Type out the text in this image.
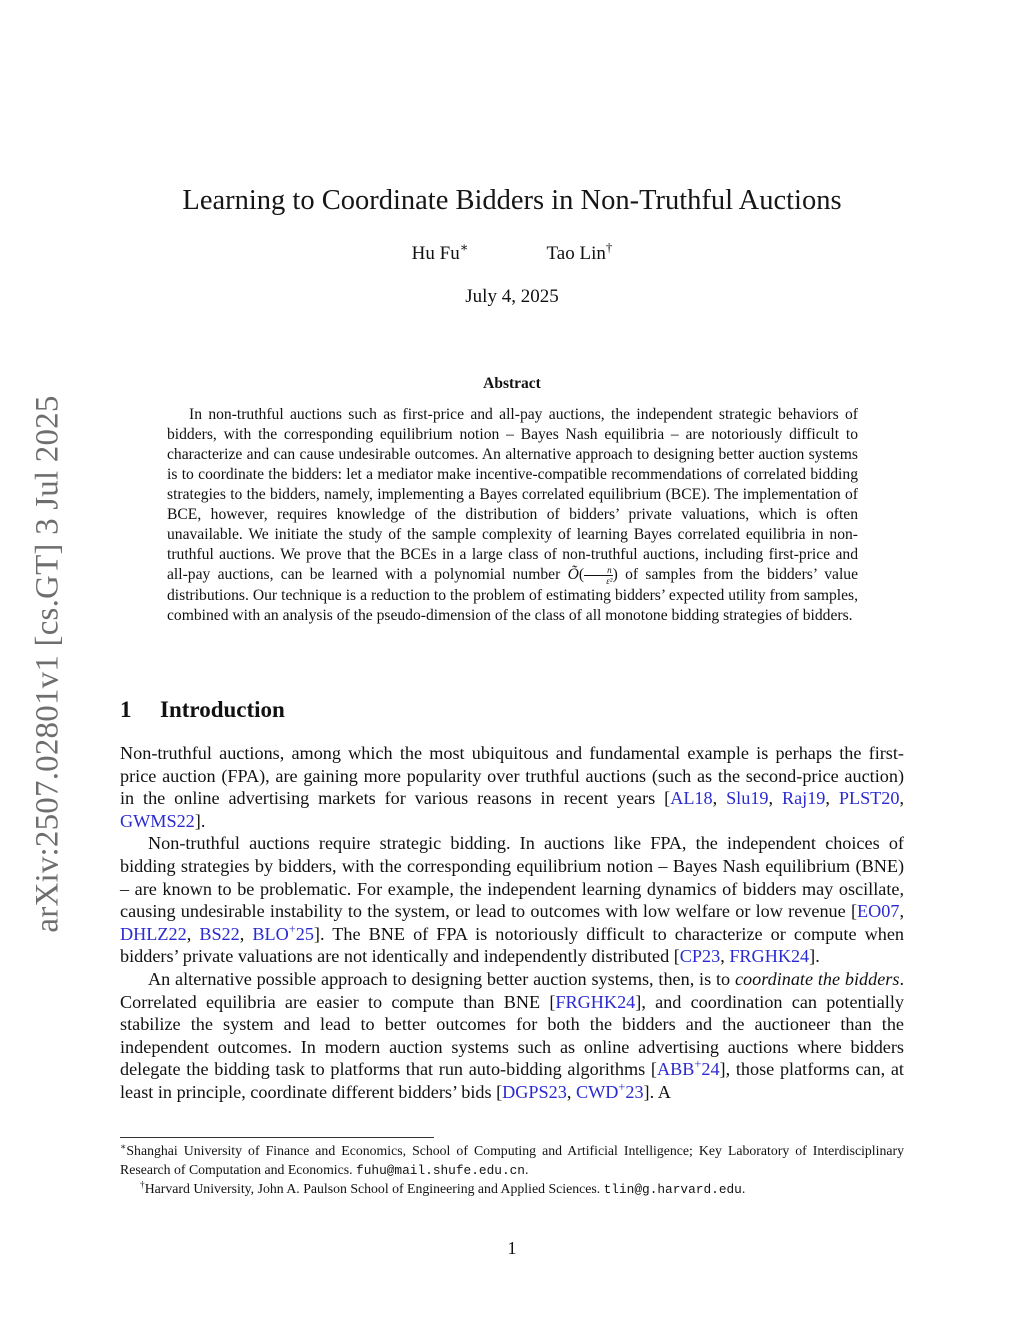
arXiv:2507.02801v1 [cs.GT] 3 Jul 2025
Learning to Coordinate Bidders in Non-Truthful Auctions
Hu Fu∗	Tao Lin†
July 4, 2025
Abstract

In non-truthful auctions such as first-price and all-pay auctions, the independent strategic behaviors of bidders, with the corresponding equilibrium notion – Bayes Nash equilibria – are notoriously difficult to characterize and can cause undesirable outcomes. An alternative approach to designing better auction systems is to coordinate the bidders: let a mediator make incentive-compatible recommendations of correlated bidding strategies to the bidders, namely, implementing a Bayes correlated equilibrium (BCE). The implementation of BCE, however, requires knowledge of the distribution of bidders’ private valuations, which is often unavailable. We initiate the study of the sample complexity of learning Bayes correlated equilibria in non-truthful auctions. We prove that the BCEs in a large class of non-truthful auctions, including first-price and all-pay auctions, can be learned with a polynomial number Õ( $\frac{n}{\text{ε²}}$ ) of samples from the bidders’ value distributions. Our technique is a reduction to the problem of estimating bidders’ expected utility from samples, combined with an analysis of the pseudo-dimension of the class of all monotone bidding strategies of bidders.

1 Introduction

Non-truthful auctions, among which the most ubiquitous and fundamental example is perhaps the first-price auction (FPA), are gaining more popularity over truthful auctions (such as the second-price auction) in the online advertising markets for various reasons in recent years [AL18, Slu19, Raj19, PLST20, GWMS22].

Non-truthful auctions require strategic bidding. In auctions like FPA, the independent choices of bidding strategies by bidders, with the corresponding equilibrium notion – Bayes Nash equilibrium (BNE) – are known to be problematic. For example, the independent learning dynamics of bidders may oscillate, causing undesirable instability to the system, or lead to outcomes with low welfare or low revenue [EO07, DHLZ22, BS22, BLO+25]. The BNE of FPA is notoriously difficult to characterize or compute when bidders’ private valuations are not identically and independently distributed [CP23, FRGHK24].

An alternative possible approach to designing better auction systems, then, is to coordinate the bidders. Correlated equilibria are easier to compute than BNE [FRGHK24], and coordination can potentially stabilize the system and lead to better outcomes for both the bidders and the auctioneer than the independent outcomes. In modern auction systems such as online advertising auctions where bidders delegate the bidding task to platforms that run auto-bidding algorithms [ABB+24], those platforms can, at least in principle, coordinate different bidders’ bids [DGPS23, CWD+23]. A

∗Shanghai University of Finance and Economics, School of Computing and Artificial Intelligence; Key Laboratory of Interdisciplinary Research of Computation and Economics. fuhu@mail.shufe.edu.cn.

†Harvard University, John A. Paulson School of Engineering and Applied Sciences. tlin@g.harvard.edu.

1
